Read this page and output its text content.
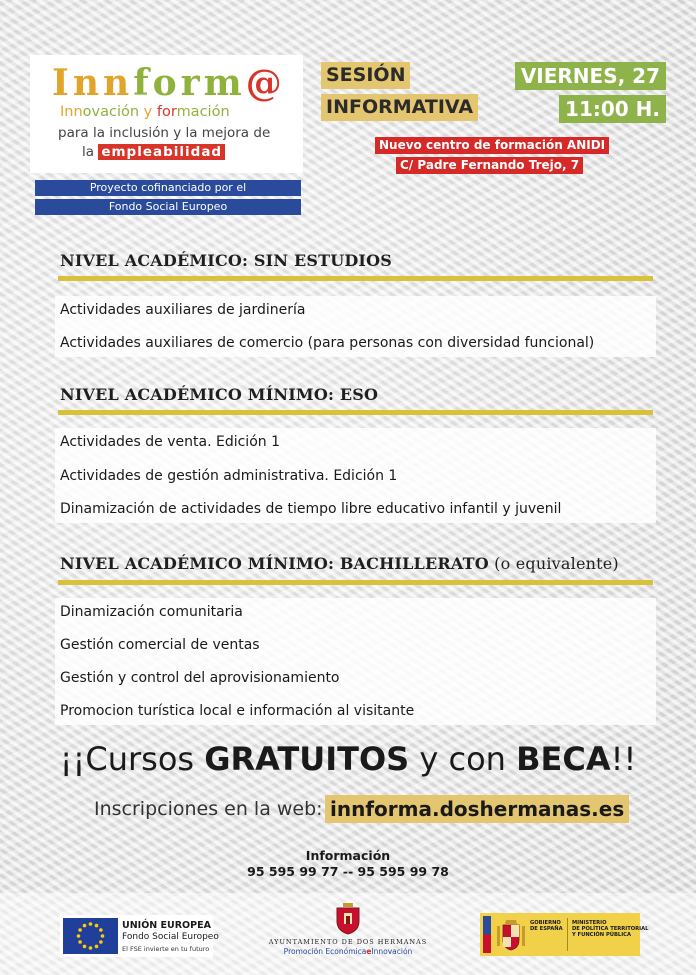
Innform@
Innovación y formación
para la inclusión y la mejora de
la empleabilidad
Proyecto cofinanciado por el
Fondo Social Europeo
SESIÓN
INFORMATIVA
VIERNES, 27
11:00 H.
Nuevo centro de formación ANIDI
C/ Padre Fernando Trejo, 7
NIVEL ACADÉMICO: SIN ESTUDIOS
Actividades auxiliares de jardinería
Actividades auxiliares de comercio (para personas con diversidad funcional)
NIVEL ACADÉMICO MÍNIMO: ESO
Actividades de venta. Edición 1
Actividades de gestión administrativa. Edición 1
Dinamización de actividades de tiempo libre educativo infantil y juvenil
NIVEL ACADÉMICO MÍNIMO: BACHILLERATO (o equivalente)
Dinamización comunitaria
Gestión comercial de ventas
Gestión y control del aprovisionamiento
Promocion turística local e información al visitante
¡¡Cursos GRATUITOS y con BECA!!
Inscripciones en la web: innforma.doshermanas.es
Información
95 595 99 77 -- 95 595 99 78
UNIÓN EUROPEA
Fondo Social Europeo
El FSE invierte en tu futuro
AYUNTAMIENTO DE DOS HERMANAS
Promoción EconómicaeInnovación
GOBIERNO
DE ESPAÑA
MINISTERIO
DE POLÍTICA TERRITORIAL
Y FUNCIÓN PÚBLICA
